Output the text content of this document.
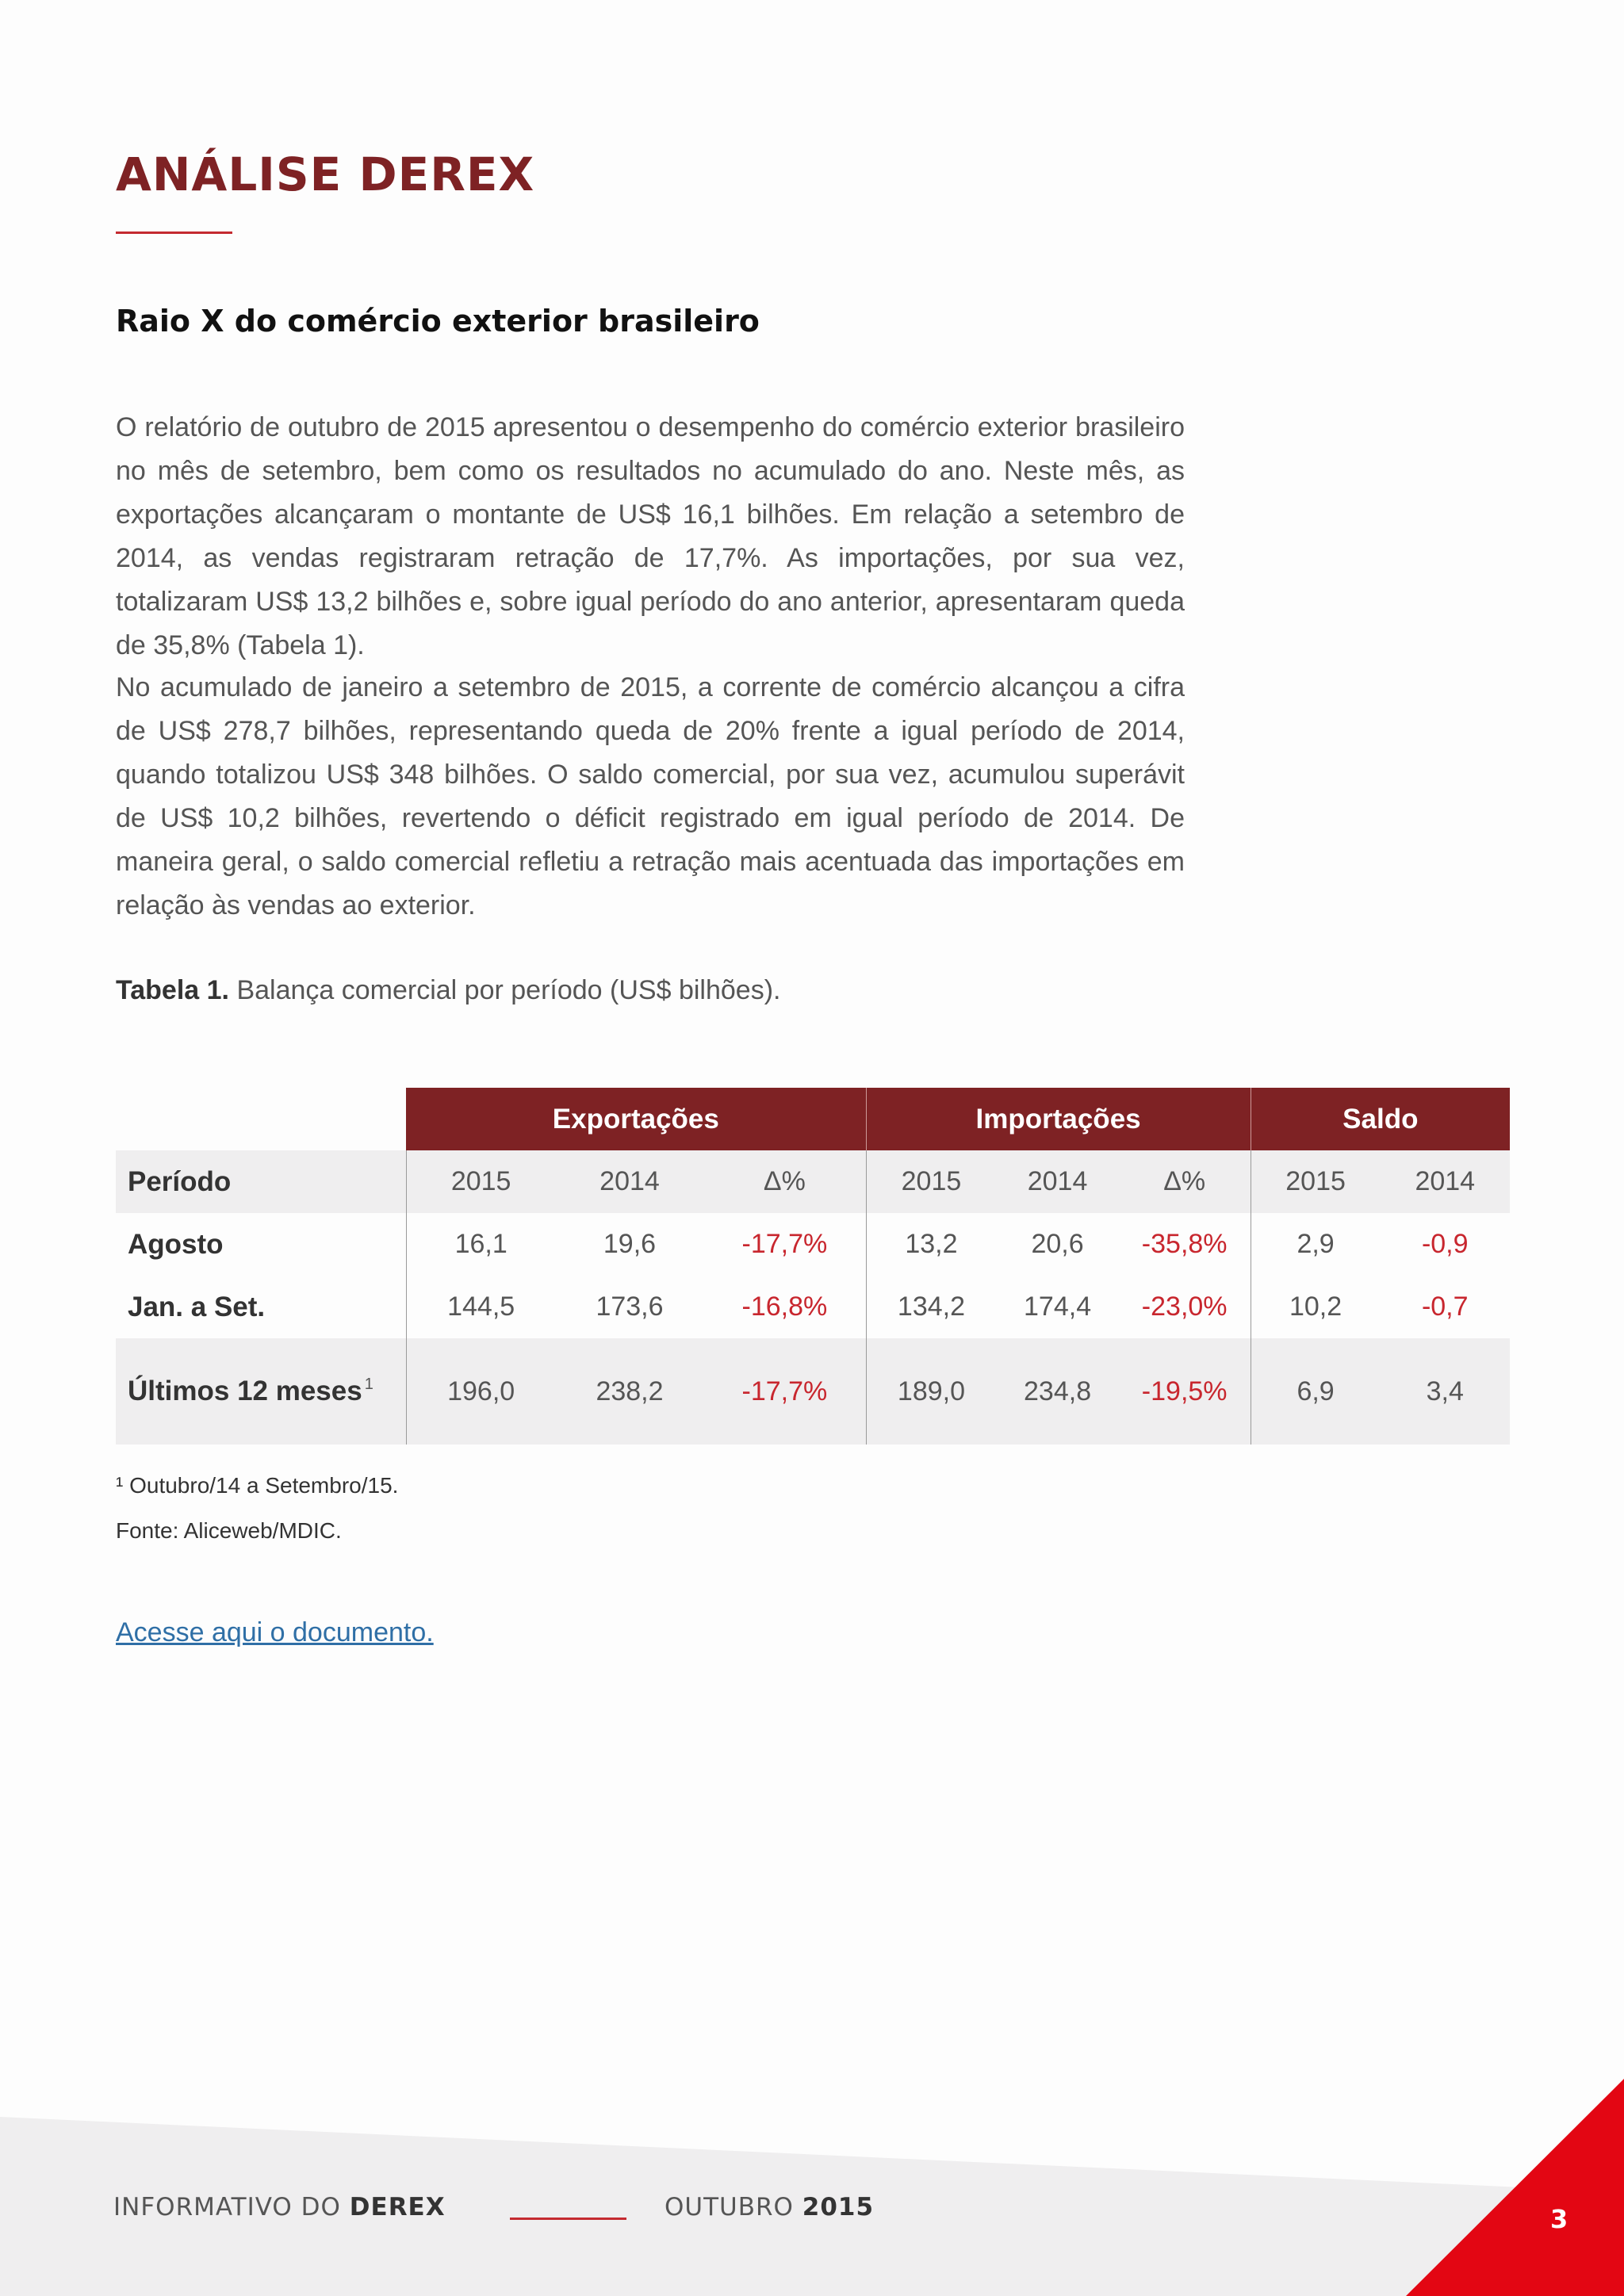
ANÁLISE DEREX
Raio X do comércio exterior brasileiro

O relatório de outubro de 2015 apresentou o desempenho do comércio exterior brasileiro no mês de setembro, bem como os resultados no acumulado do ano. Neste mês, as exportações alcançaram o montante de US$ 16,1 bilhões. Em relação a setembro de 2014, as vendas registraram retração de 17,7%. As importações, por sua vez, totalizaram US$ 13,2 bilhões e, sobre igual período do ano anterior, apresentaram queda de 35,8% (Tabela 1).

No acumulado de janeiro a setembro de 2015, a corrente de comércio alcançou a cifra de US$ 278,7 bilhões, representando queda de 20% frente a igual período de 2014, quando totalizou US$ 348 bilhões. O saldo comercial, por sua vez, acumulou superávit de US$ 10,2 bilhões, revertendo o déficit registrado em igual período de 2014. De maneira geral, o saldo comercial refletiu a retração mais acentuada das importações em relação às vendas ao exterior.

Tabela 1. Balança comercial por período (US$ bilhões).
	Exportações			Importações			Saldo	
Período	2015	2014	Δ%	2015	2014	Δ%	2015	2014
Agosto	16,1	19,6	-17,7%	13,2	20,6	-35,8%	2,9	-0,9
Jan. a Set.	144,5	173,6	-16,8%	134,2	174,4	-23,0%	10,2	-0,7
Últimos 12 meses $^1$	196,0	238,2	-17,7%	189,0	234,8	-19,5%	6,9	3,4
¹ Outubro/14 a Setembro/15.
Fonte: Aliceweb/MDIC.
Acesse aqui o documento.
INFORMATIVO DO DEREX	OUTUBRO 2015	3
